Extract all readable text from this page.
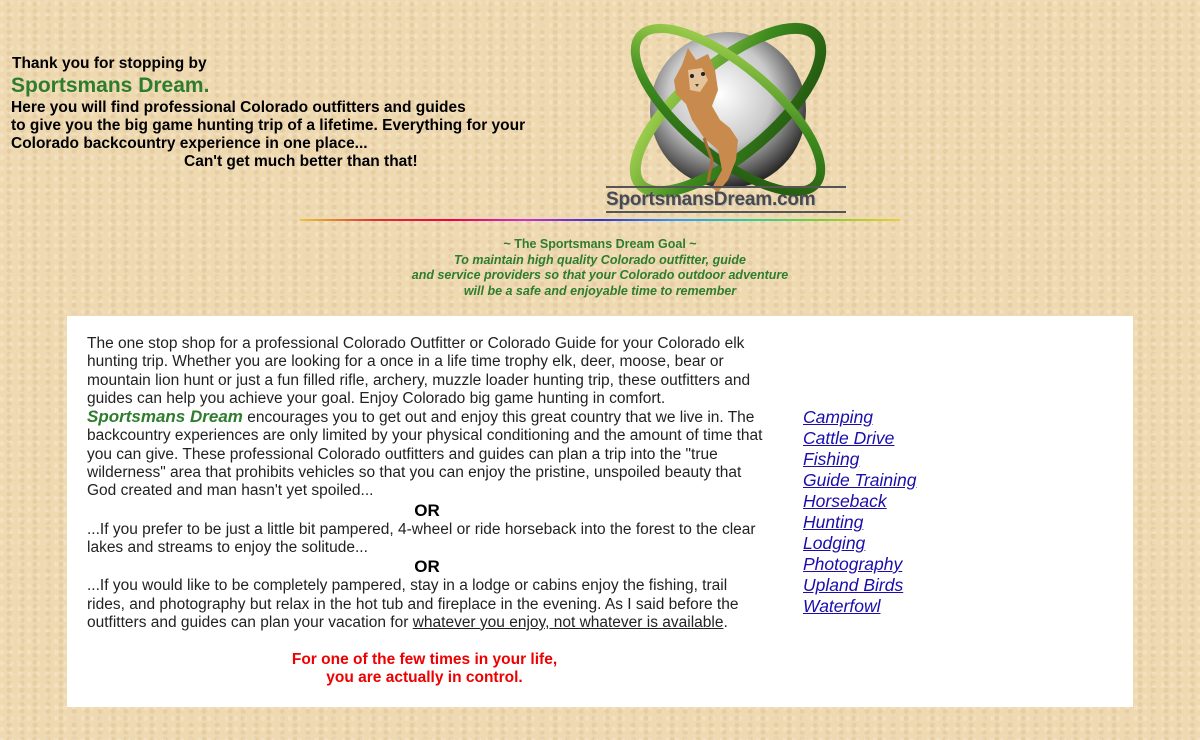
Thank you for stopping by
Sportsmans Dream.
Here you will find professional Colorado outfitters and guides
to give you the big game hunting trip of a lifetime. Everything for your
Colorado backcountry experience in one place...
Can't get much better than that!
SportsmansDream.com
~ The Sportsmans Dream Goal ~
To maintain high quality Colorado outfitter, guide
and service providers so that your Colorado outdoor adventure
will be a safe and enjoyable time to remember
The one stop shop for a professional Colorado Outfitter or Colorado Guide for your Colorado elk hunting trip. Whether you are looking for a once in a life time trophy elk, deer, moose, bear or mountain lion hunt or just a fun filled rifle, archery, muzzle loader hunting trip, these outfitters and guides can help you achieve your goal. Enjoy Colorado big game hunting in comfort.
Sportsmans Dream encourages you to get out and enjoy this great country that we live in. The backcountry experiences are only limited by your physical conditioning and the amount of time that you can give. These professional Colorado outfitters and guides can plan a trip into the "true wilderness" area that prohibits vehicles so that you can enjoy the pristine, unspoiled beauty that God created and man hasn't yet spoiled...
OR
...If you prefer to be just a little bit pampered, 4-wheel or ride horseback into the forest to the clear lakes and streams to enjoy the solitude...
OR
...If you would like to be completely pampered, stay in a lodge or cabins enjoy the fishing, trail rides, and photography but relax in the hot tub and fireplace in the evening. As I said before the outfitters and guides can plan your vacation for whatever you enjoy, not whatever is available.
For one of the few times in your life,
you are actually in control.
Camping
Cattle Drive
Fishing
Guide Training
Horseback
Hunting
Lodging
Photography
Upland Birds
Waterfowl
